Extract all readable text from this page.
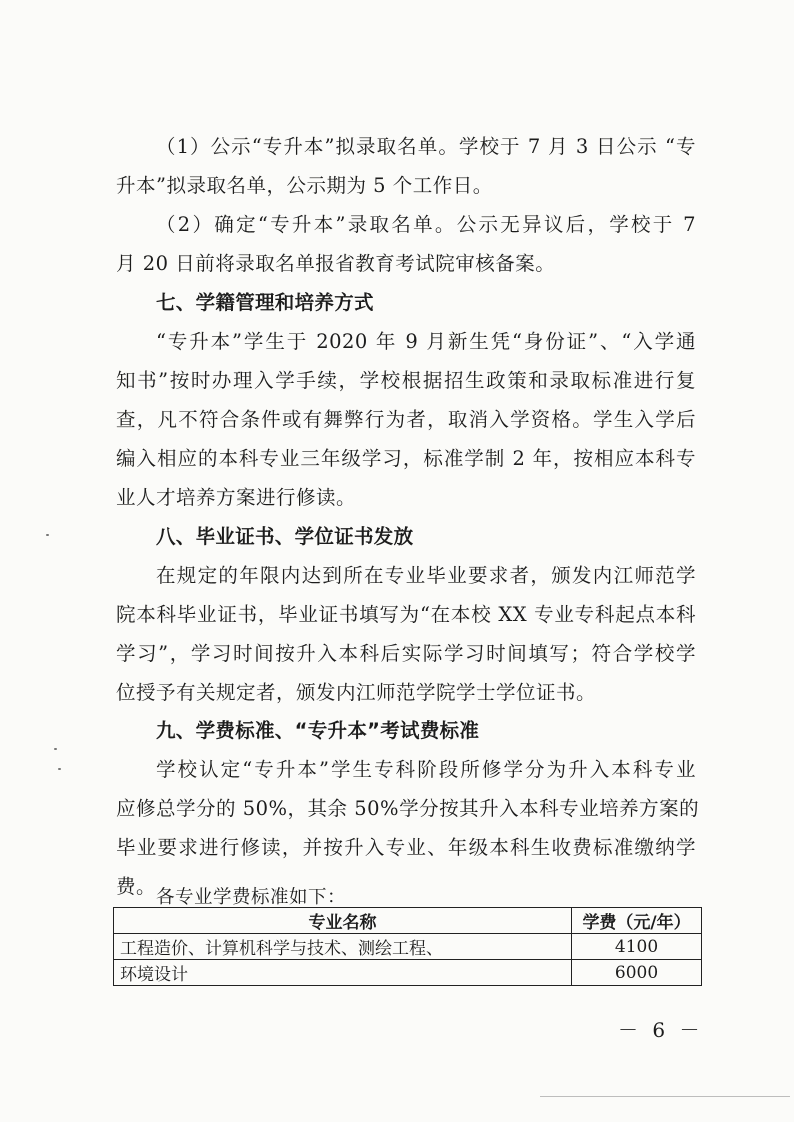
（1）公示“专升本”拟录取名单。学校于 7 月 3 日公示 “专
升本”拟录取名单，公示期为 5 个工作日。
（2）确定“专升本”录取名单。公示无异议后，学校于 7
月 20 日前将录取名单报省教育考试院审核备案。
七、学籍管理和培养方式
“专升本”学生于 2020 年 9 月新生凭“身份证”、“入学通
知书”按时办理入学手续，学校根据招生政策和录取标准进行复
查，凡不符合条件或有舞弊行为者，取消入学资格。学生入学后
编入相应的本科专业三年级学习，标准学制 2 年，按相应本科专
业人才培养方案进行修读。
八、毕业证书、学位证书发放
在规定的年限内达到所在专业毕业要求者，颁发内江师范学
院本科毕业证书，毕业证书填写为“在本校 XX 专业专科起点本科
学习”，学习时间按升入本科后实际学习时间填写；符合学校学
位授予有关规定者，颁发内江师范学院学士学位证书。
九、学费标准、“专升本”考试费标准
学校认定“专升本”学生专科阶段所修学分为升入本科专业
应修总学分的 50%，其余 50%学分按其升入本科专业培养方案的
毕业要求进行修读，并按升入专业、年级本科生收费标准缴纳学
费。 各专业学费标准如下：
专业名称	学费（元/年）
工程造价、计算机科学与技术、测绘工程、	4100
环境设计	6000
－ 6 －
